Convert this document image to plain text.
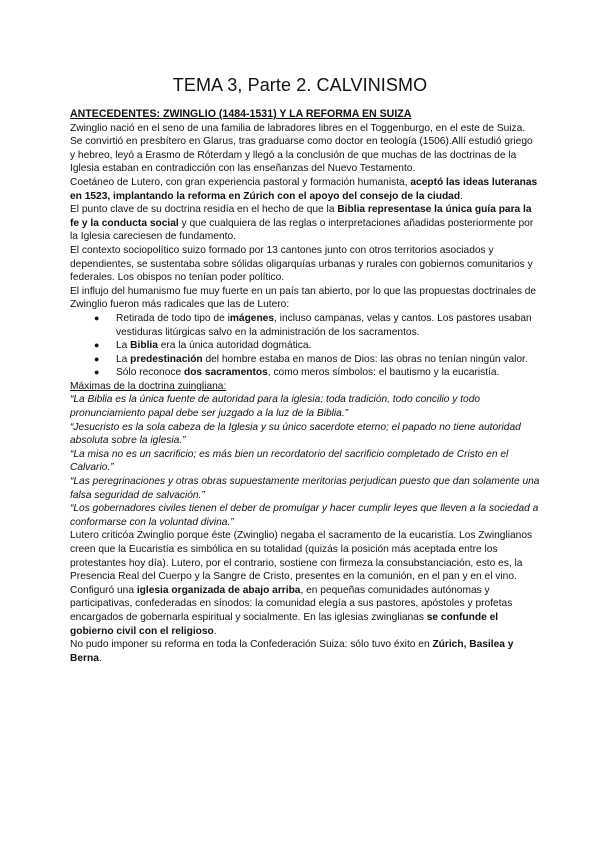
TEMA 3, Parte 2. CALVINISMO

ANTECEDENTES: ZWINGLIO (1484-1531) Y LA REFORMA EN SUIZA

Zwinglio nació en el seno de una familia de labradores libres en el Toggenburgo, en el este de Suiza. Se convirtió en presbítero en Glarus, tras graduarse como doctor en teología (1506).Allí estudió griego y hebreo, leyó a Erasmo de Róterdam y llegó a la conclusión de que muchas de las doctrinas de la Iglesia estaban en contradicción con las enseñanzas del Nuevo Testamento.

Coetáneo de Lutero, con gran experiencia pastoral y formación humanista, aceptó las ideas luteranas en 1523, implantando la reforma en Zúrich con el apoyo del consejo de la ciudad.

El punto clave de su doctrina residía en el hecho de que la Biblia representase la única guía para la fe y la conducta social y que cualquiera de las reglas o interpretaciones añadidas posteriormente por la Iglesia careciesen de fundamento.

El contexto sociopolítico suizo formado por 13 cantones junto con otros territorios asociados y dependientes, se sustentaba sobre sólidas oligarquías urbanas y rurales con gobiernos comunitarios y federales. Los obispos no tenían poder político.

El influjo del humanismo fue muy fuerte en un país tan abierto, por lo que las propuestas doctrinales de Zwinglio fueron más radicales que las de Lutero:

● Retirada de todo tipo de imágenes, incluso campanas, velas y cantos. Los pastores usaban vestiduras litúrgicas salvo en la administración de los sacramentos.
● La Biblia era la única autoridad dogmática.
● La predestinación del hombre estaba en manos de Dios: las obras no tenían ningún valor.
● Sólo reconoce dos sacramentos, como meros símbolos: el bautismo y la eucaristía.

Máximas de la doctrina zuingliana:

“La Biblia es la única fuente de autoridad para la iglesia; toda tradición, todo concilio y todo pronunciamiento papal debe ser juzgado a la luz de la Biblia.”

“Jesucristo es la sola cabeza de la Iglesia y su único sacerdote eterno; el papado no tiene autoridad absoluta sobre la iglesia.”

“La misa no es un sacrificio; es más bien un recordatorio del sacrificio completado de Cristo en el Calvario.”

“Las peregrinaciones y otras obras supuestamente meritorias perjudican puesto que dan solamente una falsa seguridad de salvación.”

“Los gobernadores civiles tienen el deber de promulgar y hacer cumplir leyes que lleven a la sociedad a conformarse con la voluntad divina.”

Lutero criticóa Zwinglio porque éste (Zwinglio) negaba el sacramento de la eucaristía. Los Zwinglianos creen que la Eucaristía es simbólica en su totalidad (quizás la posición más aceptada entre los protestantes hoy día). Lutero, por el contrario, sostiene con firmeza la consubstanciación, esto es, la Presencia Real del Cuerpo y la Sangre de Cristo, presentes en la comunión, en el pan y en el vino.

Configuró una iglesia organizada de abajo arriba, en pequeñas comunidades autónomas y participativas, confederadas en sínodos: la comunidad elegía a sus pastores, apóstoles y profetas encargados de gobernarla espiritual y socialmente. En las iglesias zwinglianas se confunde el gobierno civil con el religioso.

No pudo imponer su reforma en toda la Confederación Suiza: sólo tuvo éxito en Zúrich, Basilea y Berna.
